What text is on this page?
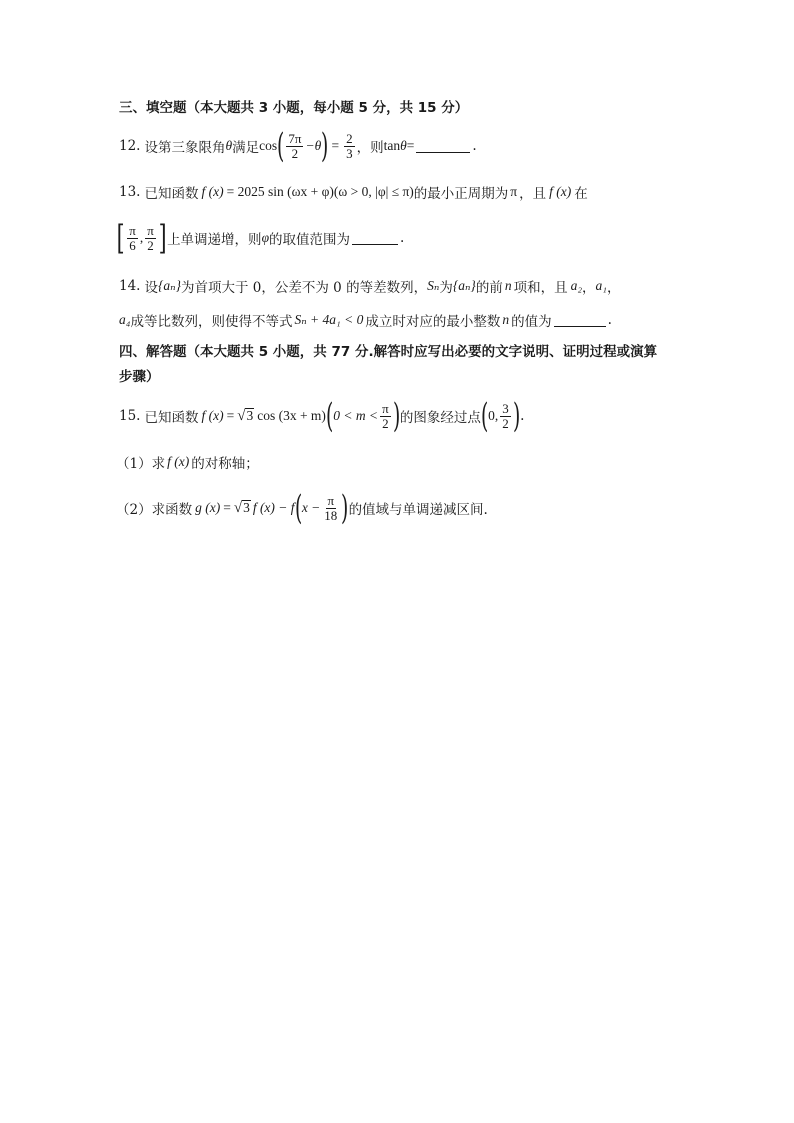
三、填空题（本大题共 3 小题，每小题 5 分，共 15 分）
12. 设第三象限角 θ 满足 cos ( $\frac{7\pi}{2} -\theta$ ) = $\frac{2}{3}$ ，则 tan θ =	.
13. 已知函数 f (x) = 2025 sin (ωx + φ) (ω > 0, |φ| ≤ π) 的最小正周期为 π ，且 f (x) 在
[ $\frac{\pi}{6}$ , $\frac{\pi}{2}$ ] 上单调递增，则 φ 的取值范围为	.
14. 设 {aₙ} 为首项大于 0，公差不为 0 的等差数列， Sₙ 为 {aₙ} 的前 n 项和，且 a₂ ， a₁ ，
a₄ 成等比数列，则使得不等式 Sₙ + 4a₁ < 0 成立时对应的最小整数 n 的值为	.
四、解答题（本大题共 5 小题，共 77 分.解答时应写出必要的文字说明、证明过程或演算
步骤）
15. 已知函数 f (x) = √ 3 cos (3x + m) ( $0 < m < \frac{\pi}{2}$ ) 的图象经过点 ( 0, $\frac{3}{2}$ ) .
（1） 求 f (x) 的对称轴；
（2） 求函数 g (x) = √ 3 f (x) − f ( $x - \frac{\pi}{18}$ ) 的值域与单调递减区间.
